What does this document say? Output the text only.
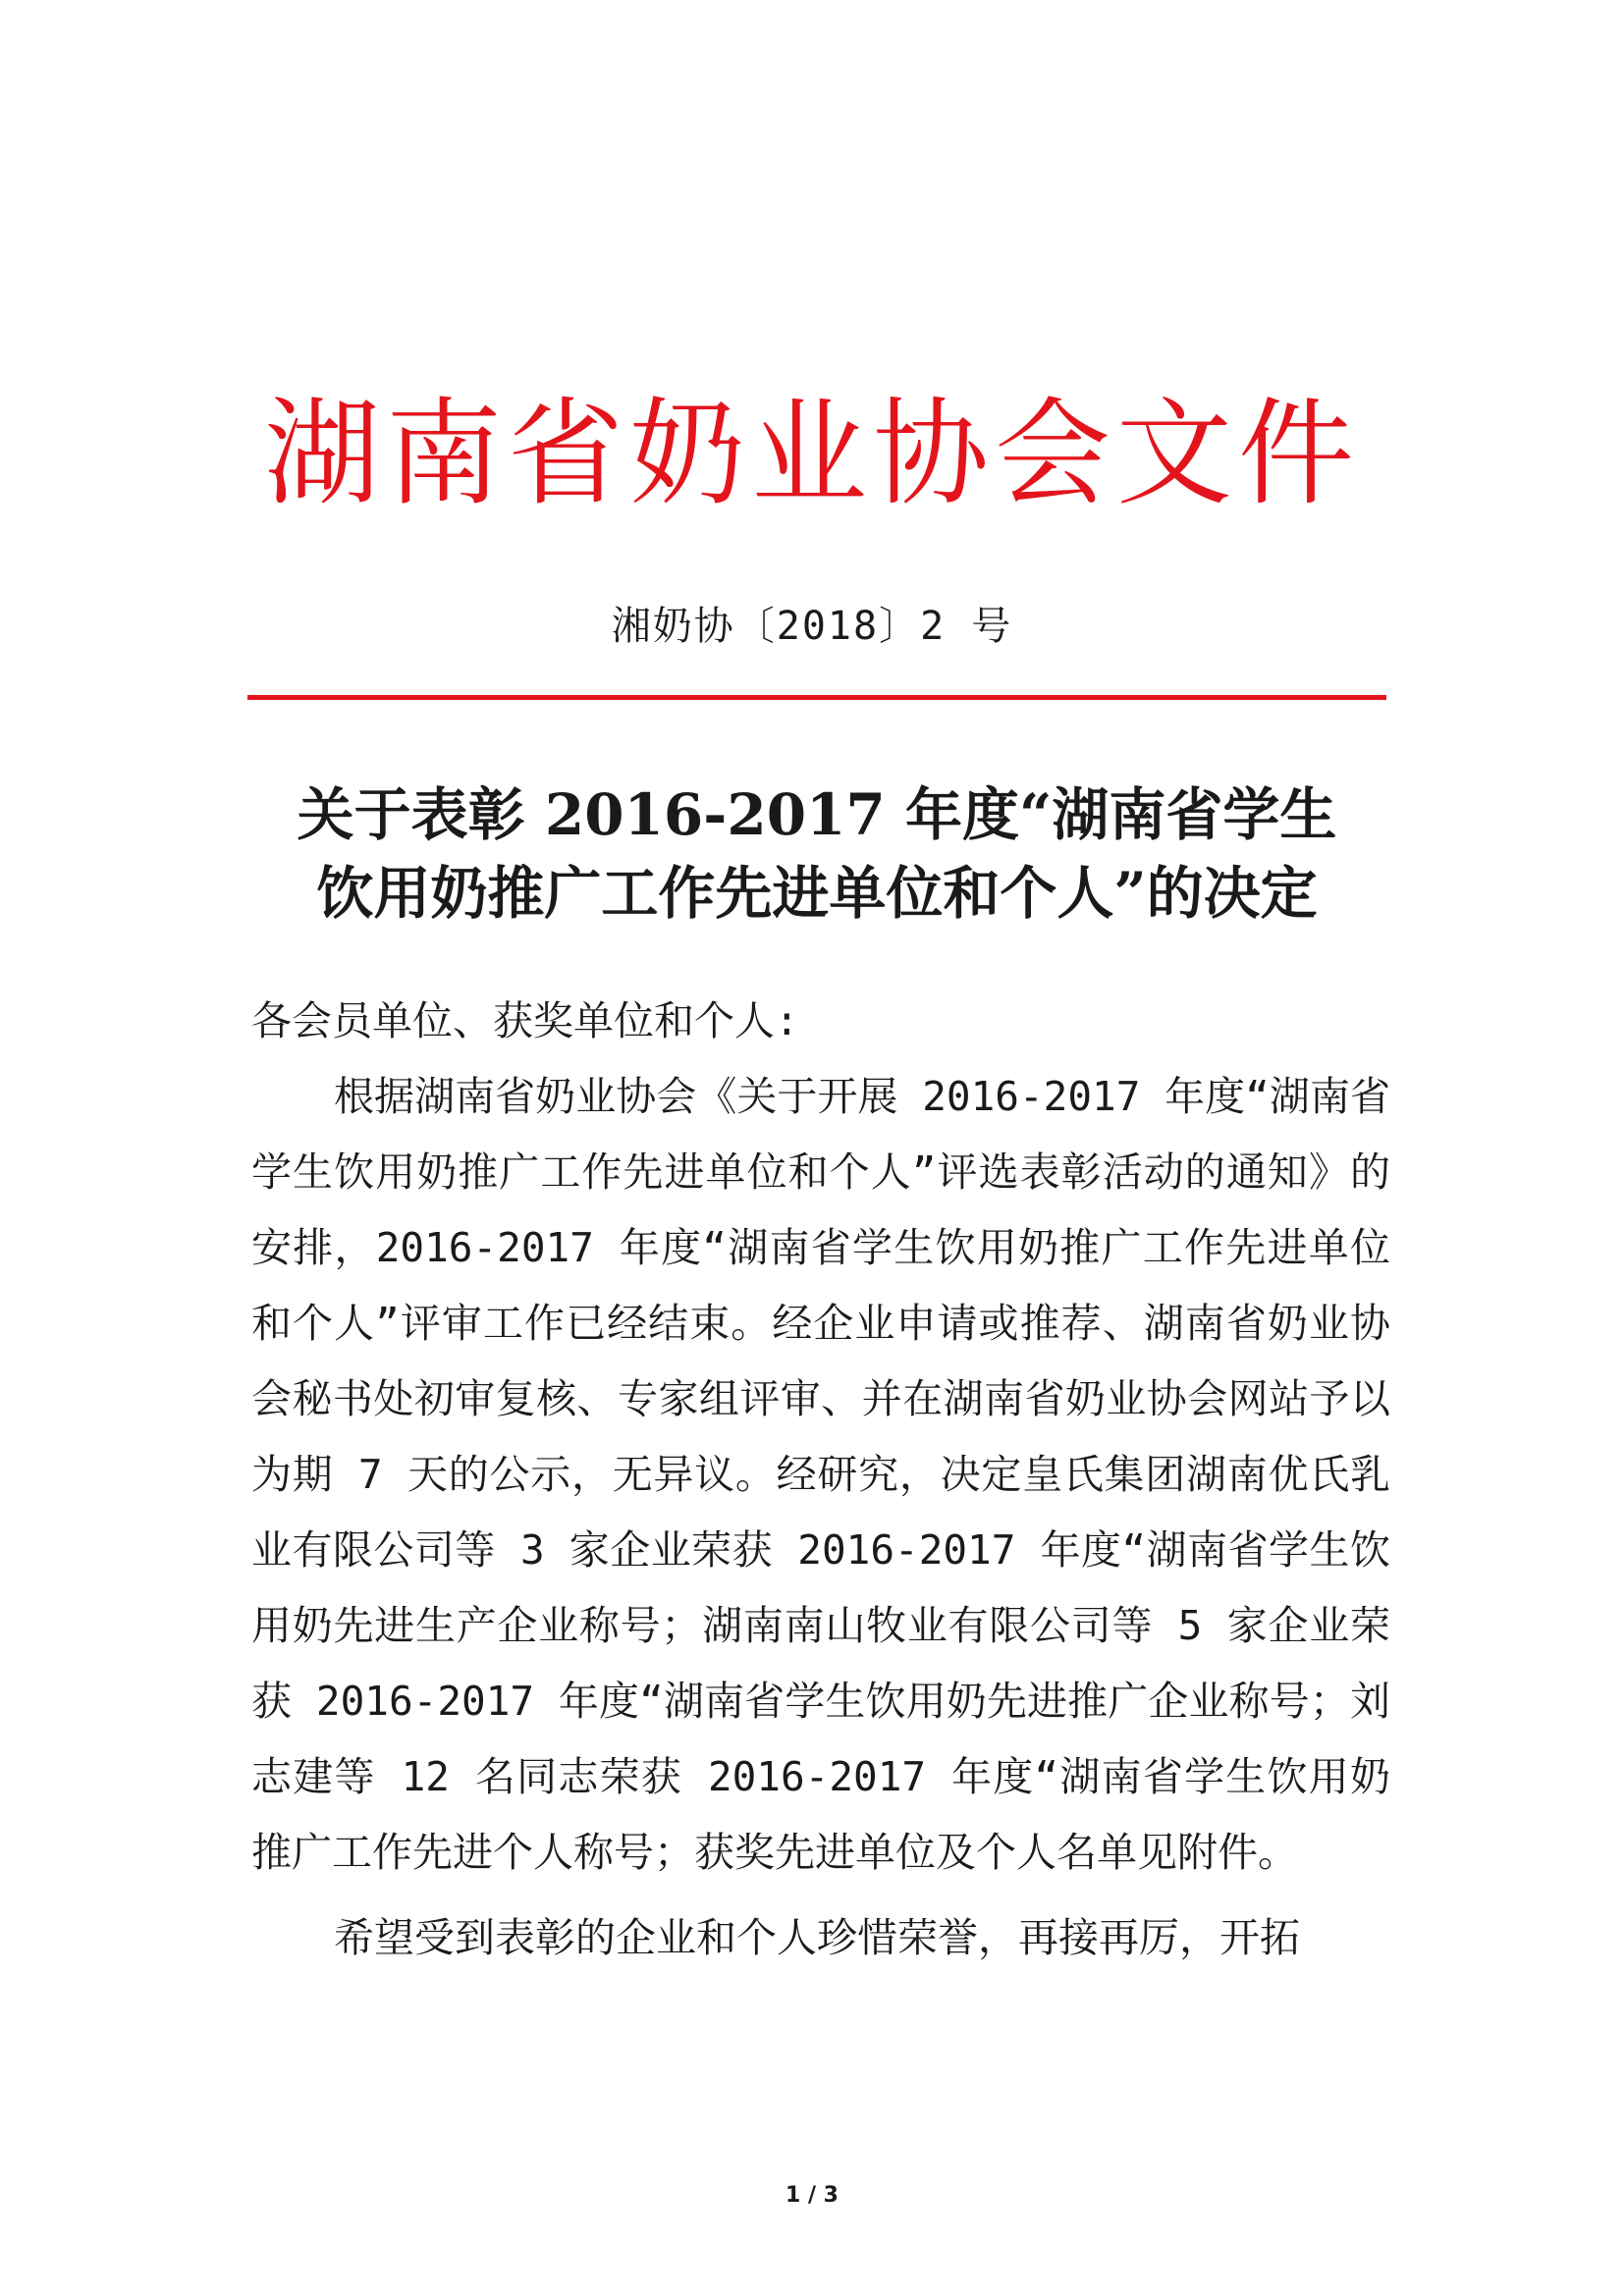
湖南省奶业协会文件
湘奶协〔2018〕2 号
关于表彰 2016-2017 年度“湖南省学生
饮用奶推广工作先进单位和个人”的决定

各会员单位、获奖单位和个人:

根据湖南省奶业协会《关于开展 2016-2017 年度“湖南省学生饮用奶推广工作先进单位和个人”评选表彰活动的通知》的安排，2016-2017 年度“湖南省学生饮用奶推广工作先进单位和个人”评审工作已经结束。经企业申请或推荐、湖南省奶业协会秘书处初审复核、专家组评审、并在湖南省奶业协会网站予以为期 7 天的公示，无异议。经研究，决定皇氏集团湖南优氏乳业有限公司等 3 家企业荣获 2016-2017 年度“湖南省学生饮用奶先进生产企业称号；湖南南山牧业有限公司等 5 家企业荣获 2016-2017 年度“湖南省学生饮用奶先进推广企业称号；刘志建等 12 名同志荣获 2016-2017 年度“湖南省学生饮用奶推广工作先进个人称号；获奖先进单位及个人名单见附件。

希望受到表彰的企业和个人珍惜荣誉，再接再厉，开拓

1 / 3
